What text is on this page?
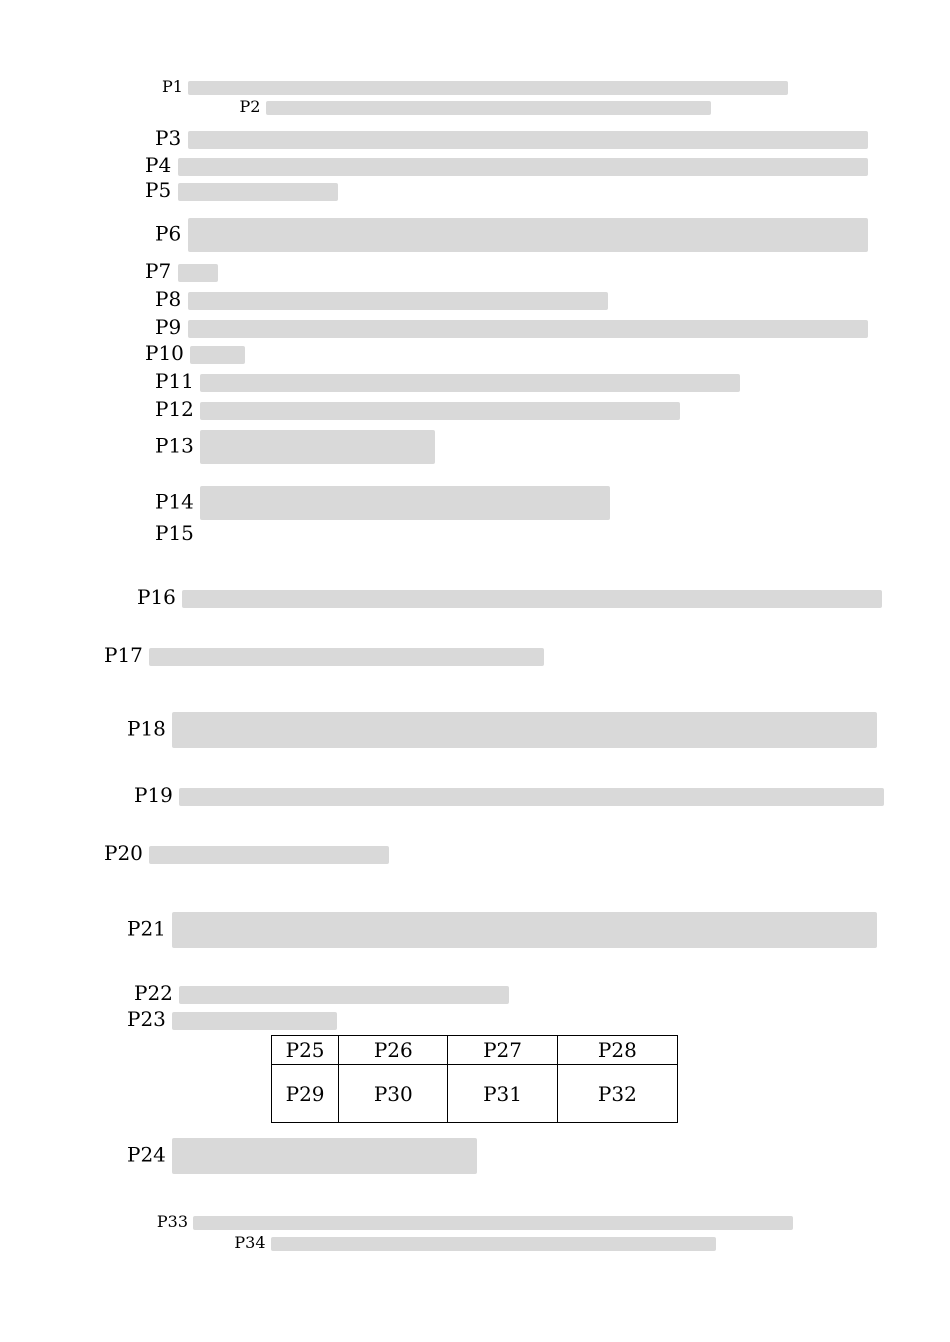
P1
P2
P3
P4
P5
P6
P7
P8
P9
P10
P11
P12
P13
P14
P15
P16
P17
P18
P19
P20
P21
P22
P23
P25	P26	P27	P28
P29	P30	P31	P32
P24
P33
P34
